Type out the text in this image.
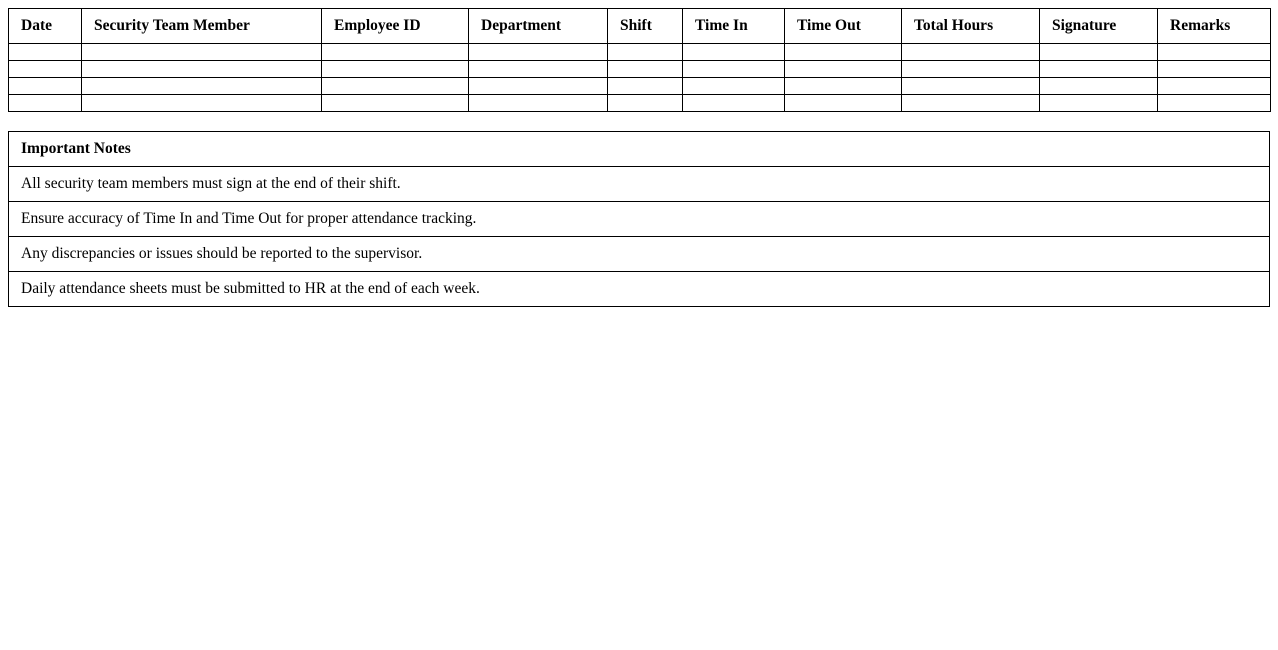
Date	Security Team Member	Employee ID	Department	Shift	Time In	Time Out	Total Hours	Signature	Remarks

Important Notes
All security team members must sign at the end of their shift.
Ensure accuracy of Time In and Time Out for proper attendance tracking.
Any discrepancies or issues should be reported to the supervisor.
Daily attendance sheets must be submitted to HR at the end of each week.
